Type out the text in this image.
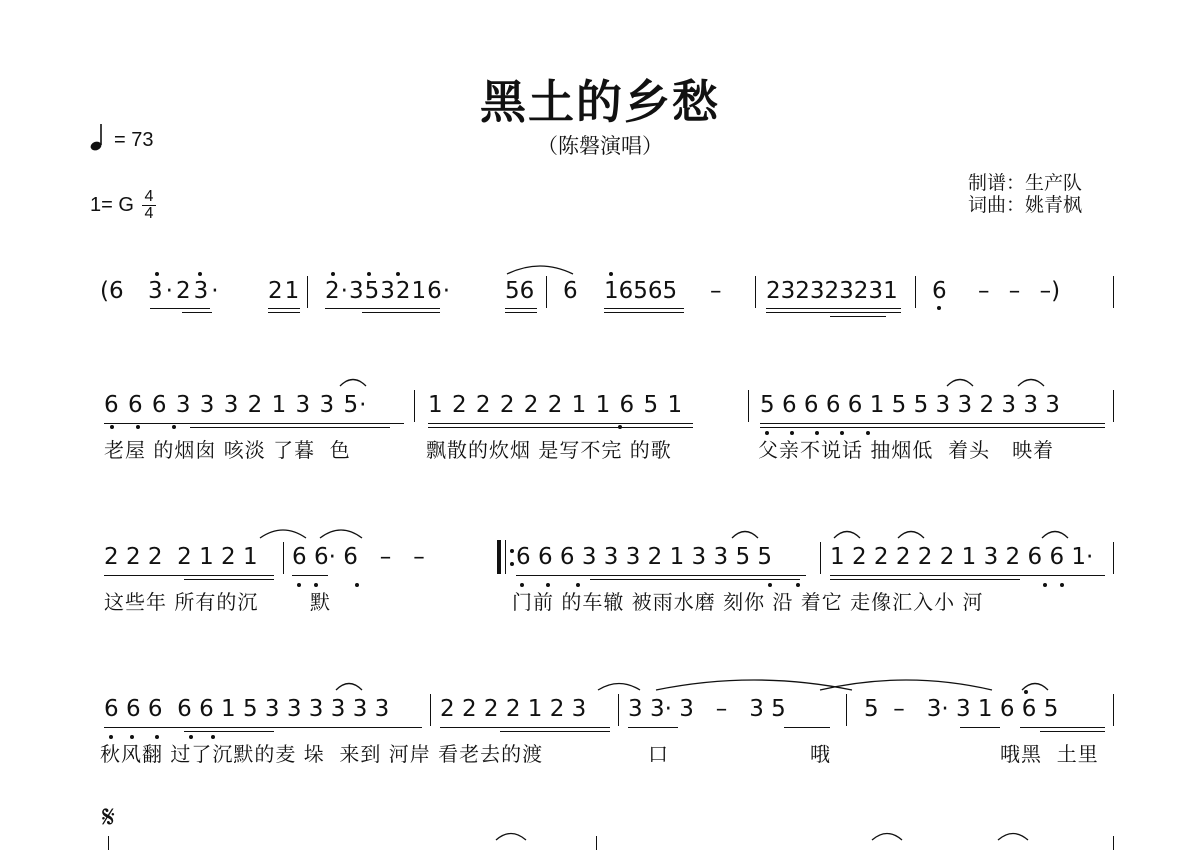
黑土的乡愁
（陈磐演唱）
= 73
1= G $\frac{4}{4}$
制谱：生产队
词曲：姚青枫
(6 3·23· 21 2·353216· 56 6 16565 – 232323231 6 – – –)
6 6 6 3 3 3 2 1 3 3 5·	1 2 2 2 2 2 1 1 6 5 1	5 6 6 6 6 1 5 5 3 3 2 3 3 3
老屋 的烟囱 咳淡 了暮  色	飘散的炊烟 是写不完 的歌	父亲不说话 抽烟低  着头   映着
2 2 2  2 1 2 1 6 6· 6   –   –	6 6 6 3 3 3 2 1 3 3 5 5	1 2 2 2 2 2 1 3 2 6 6 1·
这些年 所有的沉	默	门前 的车辙 被雨水磨 刻你 沿 着它 走像汇入小 河
6 6 6  6 6 1 5 3 3 3 3 3 3 2 2 2 2 1 2 3 3 3· 3   –   3 5	5  –   3· 3 1 6 6 5
秋风翻 过了沉默的麦 垛  来到 河岸 看老去的渡	口	哦	哦黑  土里
𝄋
